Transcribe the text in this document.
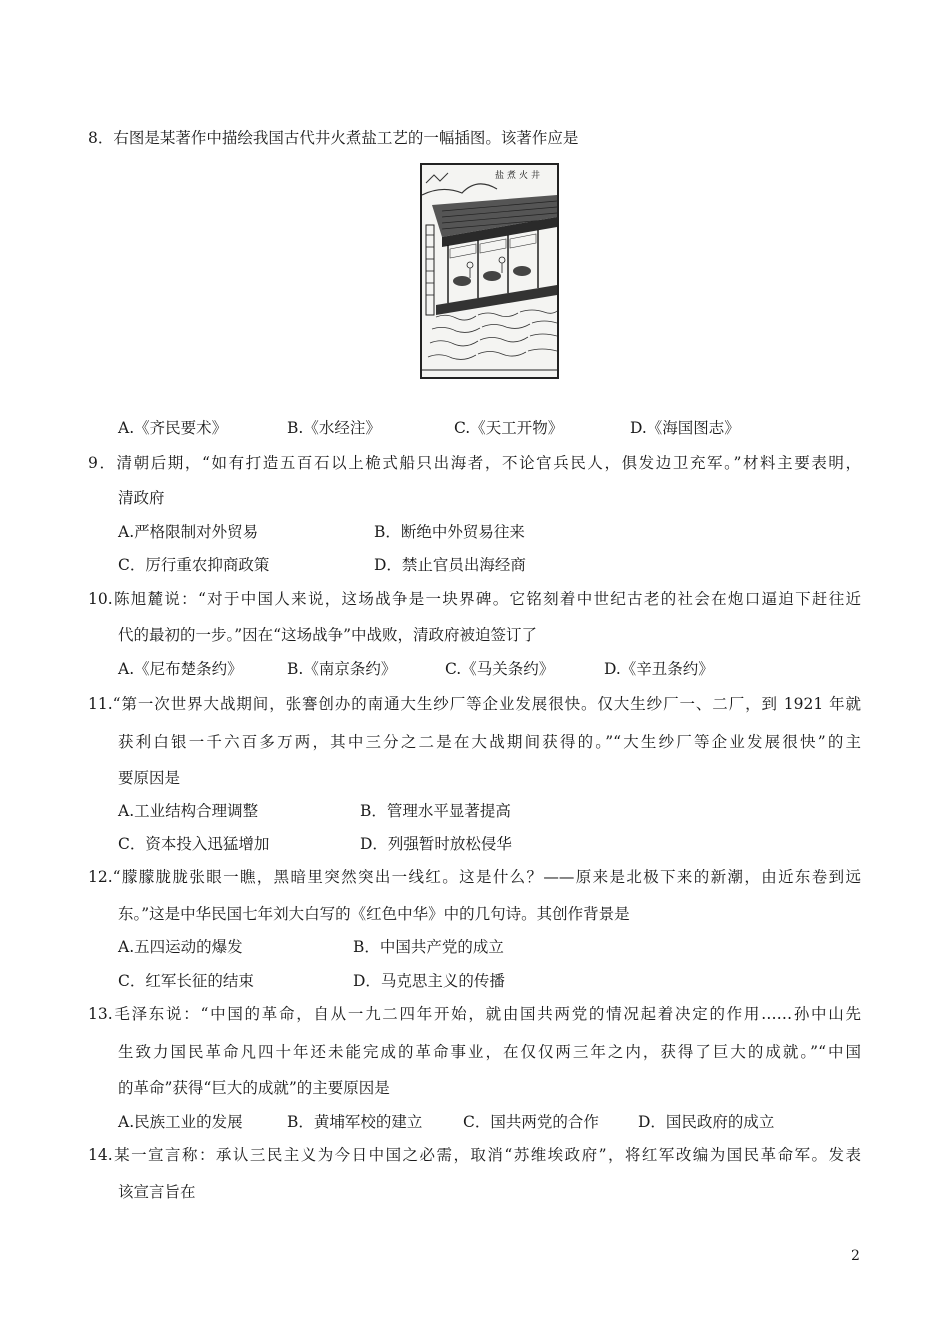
8．右图是某著作中描绘我国古代井火煮盐工艺的一幅插图。该著作应是
盐煮火井
A.《齐民要术》	B.《水经注》	C.《天工开物》	D.《海国图志》
9．清朝后期，“如有打造五百石以上桅式船只出海者，不论官兵民人，俱发边卫充军。”材料主要表明，
清政府
A.严格限制对外贸易	B．断绝中外贸易往来
C．厉行重农抑商政策	D．禁止官员出海经商
10.陈旭麓说：“对于中国人来说，这场战争是一块界碑。它铭刻着中世纪古老的社会在炮口逼迫下赶往近
代的最初的一步。”因在“这场战争”中战败，清政府被迫签订了
A.《尼布楚条约》	B.《南京条约》	C.《马关条约》	D.《辛丑条约》
11.“第一次世界大战期间，张謇创办的南通大生纱厂等企业发展很快。仅大生纱厂一、二厂，到 1921 年就
获利白银一千六百多万两，其中三分之二是在大战期间获得的。”“大生纱厂等企业发展很快”的主
要原因是
A.工业结构合理调整	B．管理水平显著提高
C．资本投入迅猛增加	D．列强暂时放松侵华
12.“朦朦胧胧张眼一瞧，黑暗里突然突出一线红。这是什么？——原来是北极下来的新潮，由近东卷到远
东。”这是中华民国七年刘大白写的《红色中华》中的几句诗。其创作背景是
A.五四运动的爆发	B．中国共产党的成立
C．红军长征的结束	D．马克思主义的传播
13.毛泽东说：“中国的革命，自从一九二四年开始，就由国共两党的情况起着决定的作用……孙中山先
生致力国民革命凡四十年还未能完成的革命事业，在仅仅两三年之内，获得了巨大的成就。”“中国
的革命”获得“巨大的成就”的主要原因是
A.民族工业的发展	B．黄埔军校的建立	C．国共两党的合作	D．国民政府的成立
14.某一宣言称：承认三民主义为今日中国之必需，取消“苏维埃政府”，将红军改编为国民革命军。发表
该宣言旨在
2
